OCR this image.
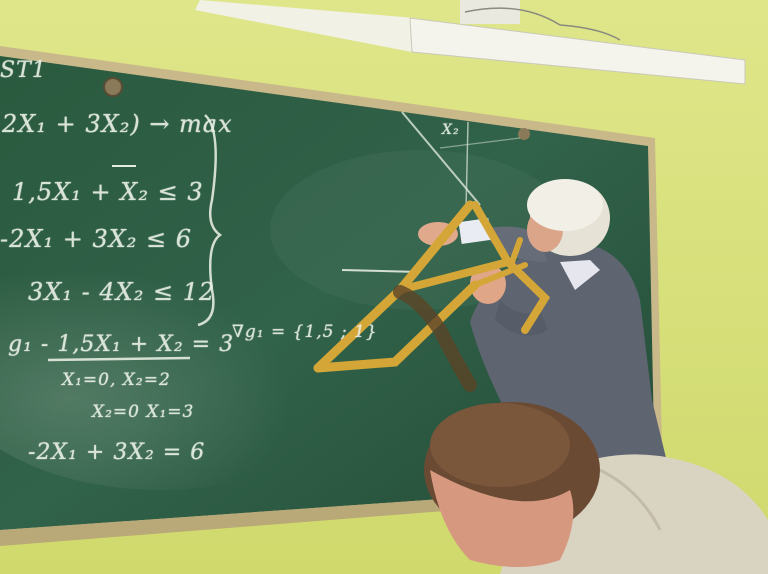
ST1
2X₁ + 3X₂) → max
1,5X₁ + X₂ ≤ 3
-2X₁ + 3X₂ ≤ 6
3X₁ - 4X₂ ≤ 12
g₁ - 1,5X₁ + X₂ = 3
X₁=0, X₂=2
X₂=0 X₁=3
∇g₁ = {1,5 ; 1}
-2X₁ + 3X₂ = 6
X₂
